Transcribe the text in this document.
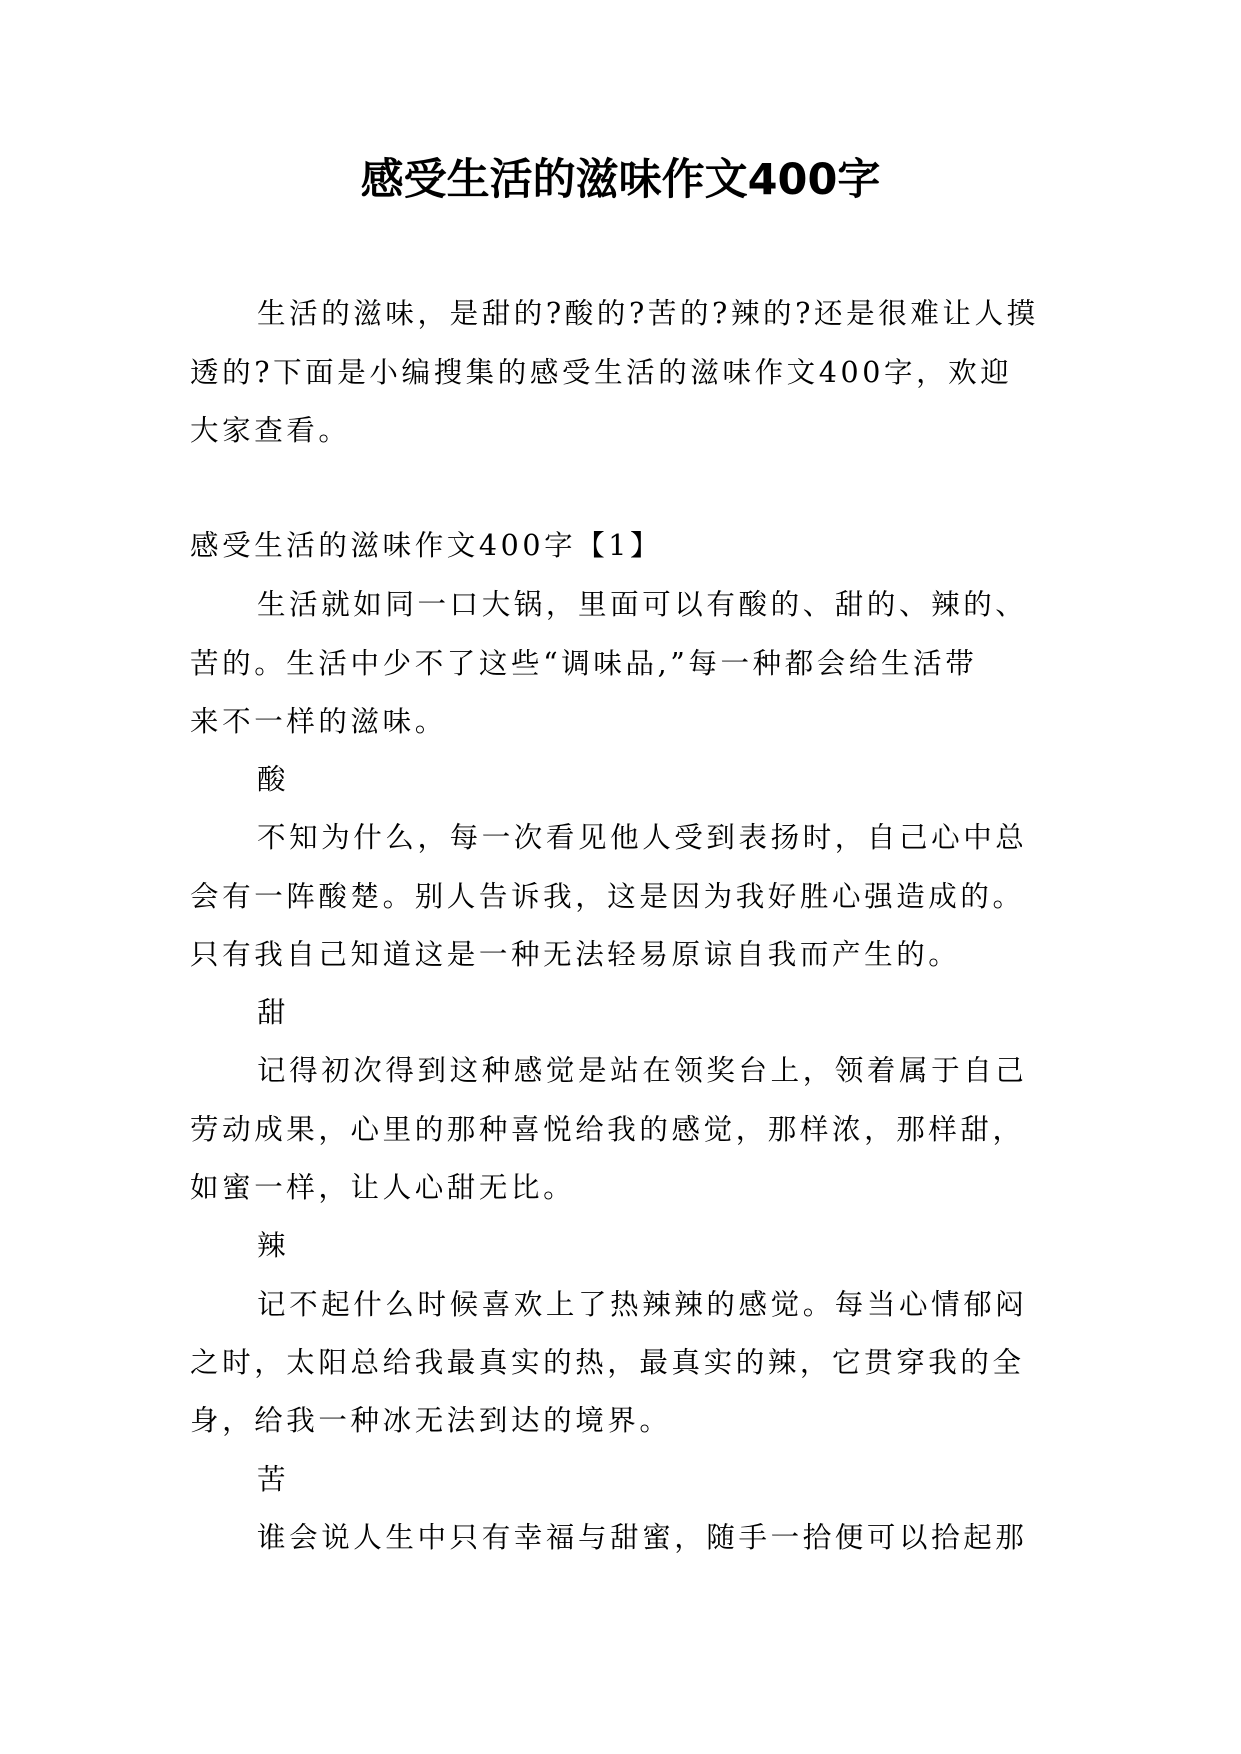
感受生活的滋味作文400字
生活的滋味，是甜的?酸的?苦的?辣的?还是很难让人摸
透的?下面是小编搜集的感受生活的滋味作文400字，欢迎
大家查看。
感受生活的滋味作文400字【1】
生活就如同一口大锅，里面可以有酸的、甜的、辣的、
苦的。生活中少不了这些“调味品,”每一种都会给生活带
来不一样的滋味。
酸
不知为什么，每一次看见他人受到表扬时，自己心中总
会有一阵酸楚。别人告诉我，这是因为我好胜心强造成的。
只有我自己知道这是一种无法轻易原谅自我而产生的。
甜
记得初次得到这种感觉是站在领奖台上，领着属于自己
劳动成果，心里的那种喜悦给我的感觉，那样浓，那样甜，
如蜜一样，让人心甜无比。
辣
记不起什么时候喜欢上了热辣辣的感觉。每当心情郁闷
之时，太阳总给我最真实的热，最真实的辣，它贯穿我的全
身，给我一种冰无法到达的境界。
苦
谁会说人生中只有幸福与甜蜜，随手一拾便可以拾起那
